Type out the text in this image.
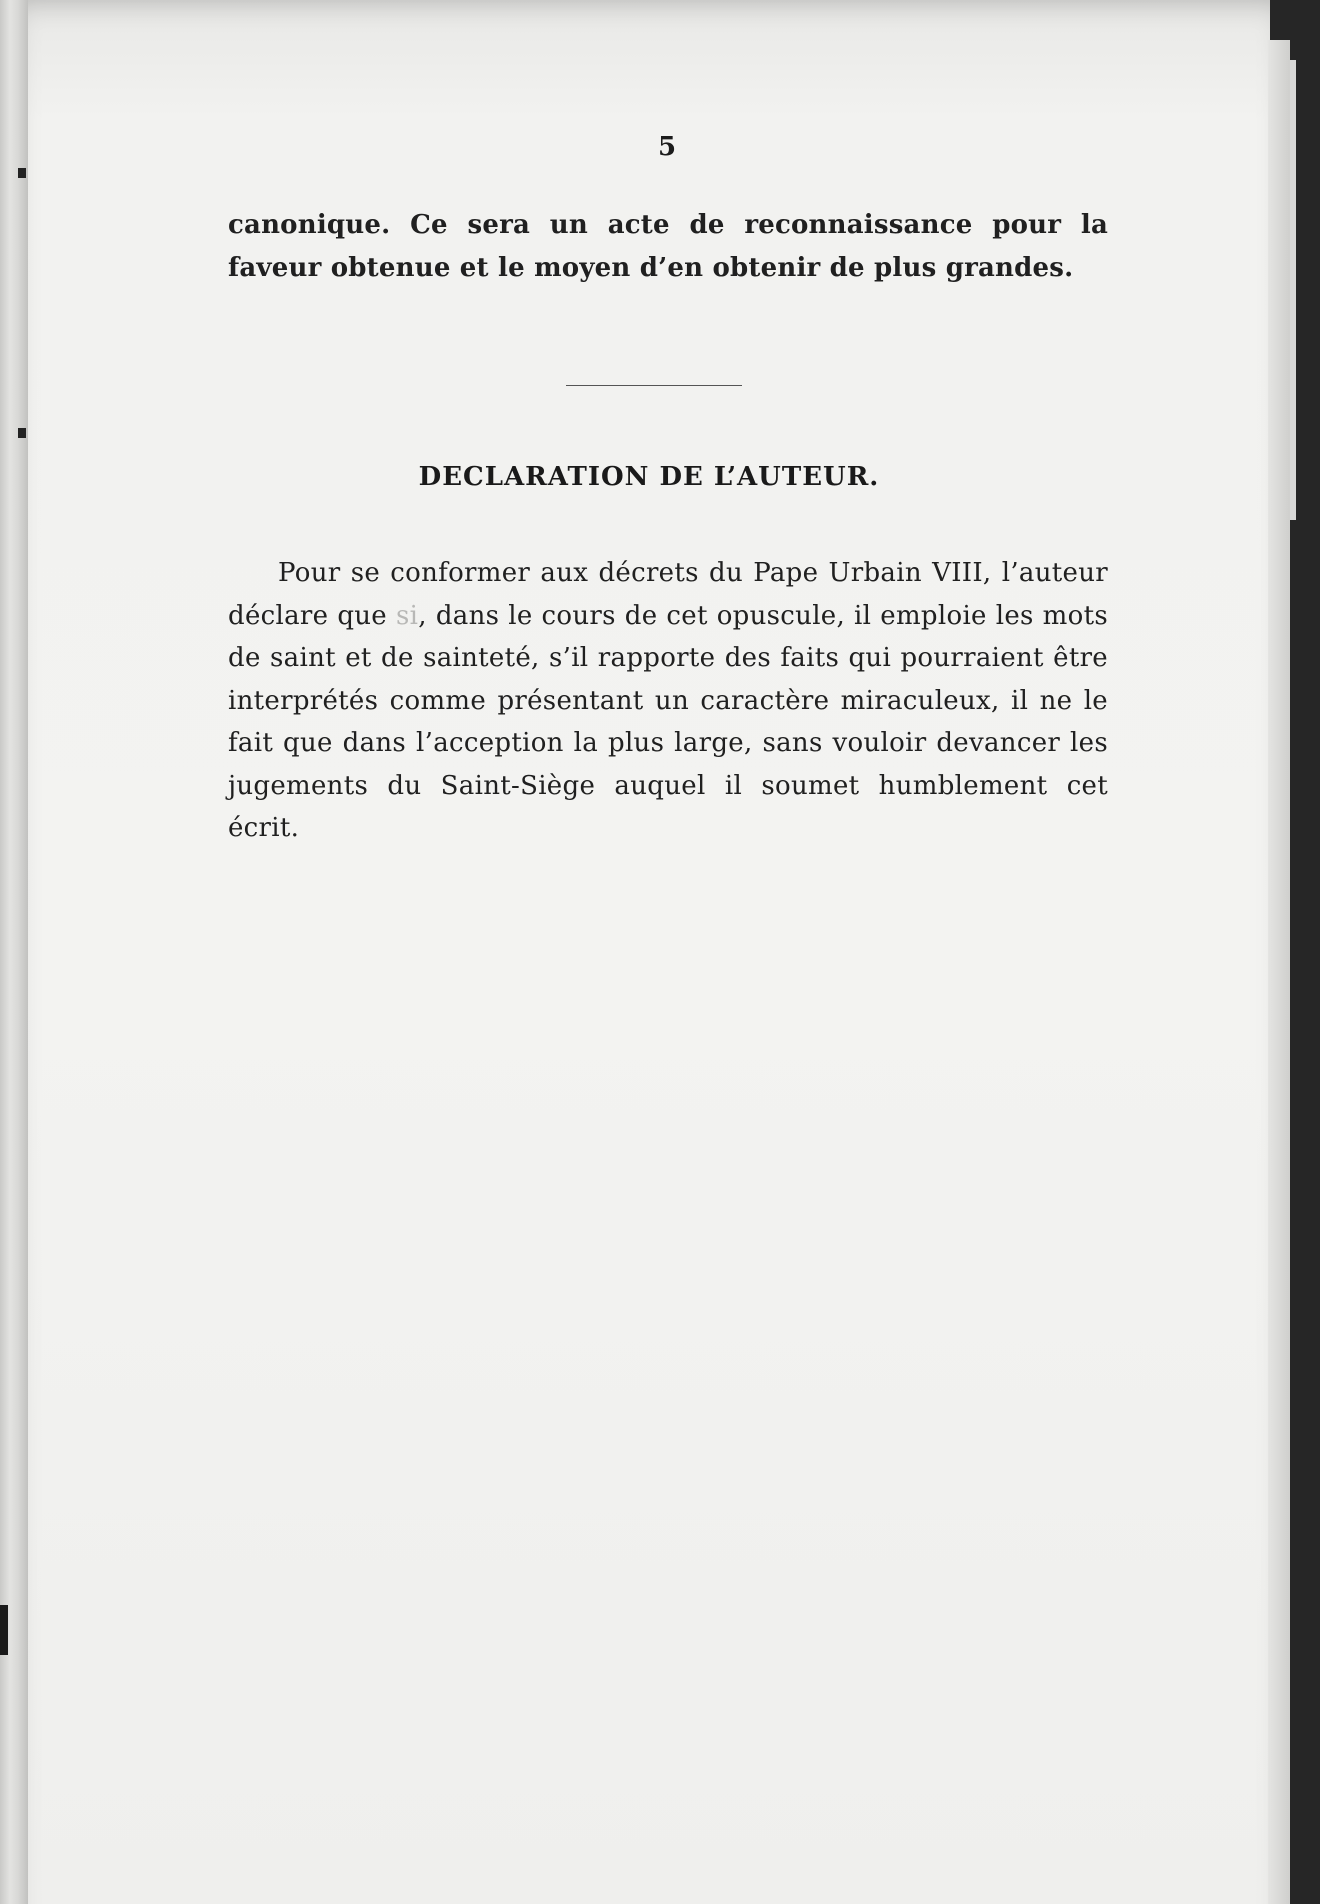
5
canonique. Ce sera un acte de reconnaissance pour la faveur obtenue et le moyen d’en obtenir de plus grandes.
DECLARATION DE L’AUTEUR.
Pour se conformer aux décrets du Pape Urbain VIII, l’auteur déclare que si, dans le cours de cet opuscule, il emploie les mots de saint et de sainteté, s’il rapporte des faits qui pourraient être interprétés comme présentant un caractère miraculeux, il ne le fait que dans l’acception la plus large, sans vouloir devancer les jugements du Saint-Siège auquel il soumet humblement cet écrit.
